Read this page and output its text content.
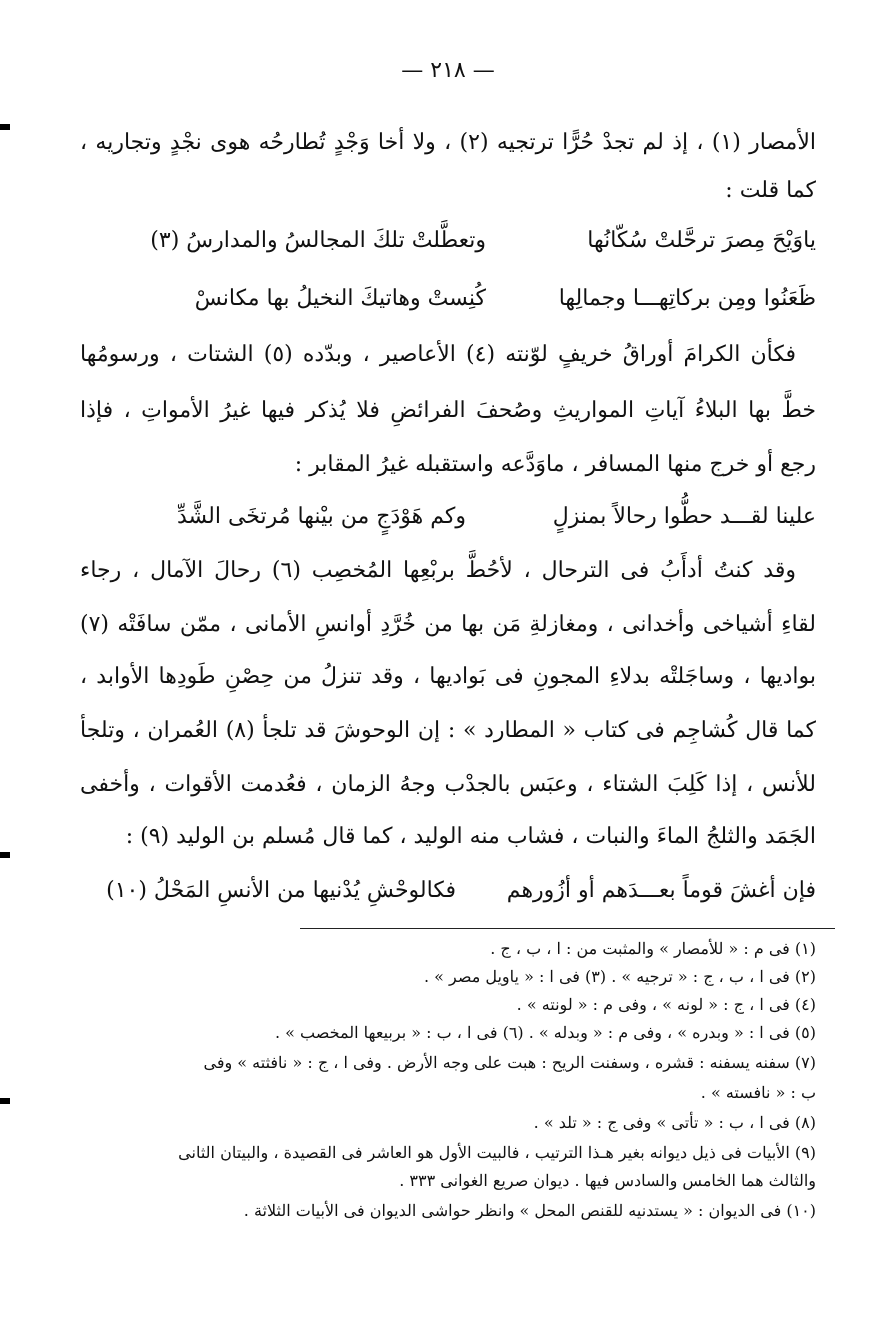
— ٢١٨ —
الأمصار (١) ، إذ لم تجدْ حُرًّا ترتجيه (٢) ، ولا أخا وَجْدٍ تُطارحُه هوى نجْدٍ وتجاريه ،
كما قلت :
ياوَيْحَ مِصرَ ترحَّلتْ سُكّانُها
وتعطَّلتْ تلكَ المجالسُ والمدارسُ (٣)
ظَعَنُوا ومِن بركاتِهـــا وجمالِها
كُنِستْ وهاتيكَ النخيلُ بها مكانسْ
فكأن الكرامَ أوراقُ خريفٍ لوّنته (٤) الأعاصير ، وبدّده (٥) الشتات ، ورسومُها
خطَّ بها البلاءُ آياتِ المواريثِ وصُحفَ الفرائضِ فلا يُذكر فيها غيرُ الأمواتِ ، فإذا
رجع أو خرج منها المسافر ، ماوَدَّعه واستقبله غيرُ المقابر :
علينا لقـــد حطُّوا رحالاً بمنزلٍ
وكم هَوْدَجٍ من بيْنها مُرتخَى الشَّدِّ
وقد كنتُ أدأَبُ فى الترحال ، لأحُطَّ بربْعِها المُخصِب (٦) رحالَ الآمال ، رجاء
لقاءِ أشياخى وأخدانى ، ومغازلةِ مَن بها من خُرَّدِ أوانسِ الأمانى ، ممّن سافَتْه (٧)
بواديها ، وساجَلتْه بدلاءِ المجونِ فى بَواديها ، وقد تنزلُ من حِصْنِ طَودِها الأوابد ،
كما قال كُشاجِم فى كتاب « المطارد » : إن الوحوشَ قد تلجأ (٨) العُمران ، وتلجأ
للأنس ، إذا كَلِبَ الشتاء ، وعبَس بالجدْب وجهُ الزمان ، فعُدمت الأقوات ، وأخفى
الجَمَد والثلجُ الماءَ والنبات ، فشاب منه الوليد ، كما قال مُسلم بن الوليد (٩) :
فإن أغشَ قوماً بعـــدَهم أو أزُورهم
فكالوحْشِ يُدْنيها من الأنسِ المَحْلُ (١٠)
(١) فى م : « للأمصار » والمثبت من : ا ، ب ، ج .
(٢) فى ا ، ب ، ج : « ترجيه » . (٣) فى ا : « ياويل مصر » .
(٤) فى ا ، ج : « لونه » ، وفى م : « لونته » .
(٥) فى ا : « وبدره » ، وفى م : « وبدله » . (٦) فى ا ، ب : « بربيعها المخصب » .
(٧) سفنه يسفنه : قشره ، وسفنت الريح : هبت على وجه الأرض . وفى ا ، ج : « نافثته » وفى
ب : « نافسته » .
(٨) فى ا ، ب : « تأتى » وفى ج : « تلد » .
(٩) الأبيات فى ذيل ديوانه بغير هـذا الترتيب ، فالبيت الأول هو العاشر فى القصيدة ، والبيتان الثانى
والثالث هما الخامس والسادس فيها . ديوان صريع الغوانى ٣٣٣ .
(١٠) فى الديوان : « يستدنيه للقنص المحل » وانظر حواشى الديوان فى الأبيات الثلاثة .
